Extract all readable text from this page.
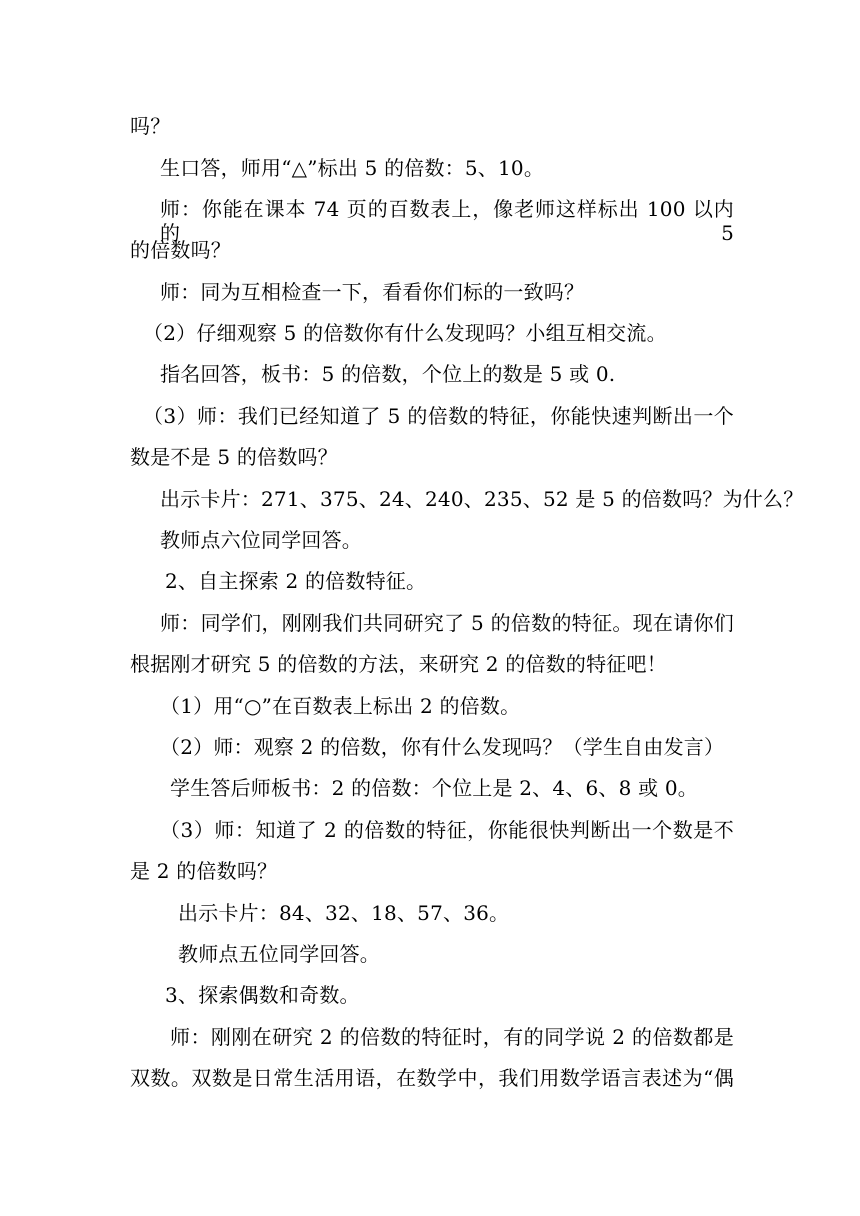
吗？
生口答，师用“△”标出 5 的倍数：5、10。
师：你能在课本 74 页的百数表上，像老师这样标出 100 以内的 5
的倍数吗？
师：同为互相检查一下，看看你们标的一致吗？
（2）仔细观察 5 的倍数你有什么发现吗？小组互相交流。
指名回答，板书：5 的倍数，个位上的数是 5 或 0.
（3）师：我们已经知道了 5 的倍数的特征，你能快速判断出一个
数是不是 5 的倍数吗？
出示卡片：271、375、24、240、235、52 是 5 的倍数吗？为什么？
教师点六位同学回答。
2、自主探索 2 的倍数特征。
师：同学们，刚刚我们共同研究了 5 的倍数的特征。现在请你们
根据刚才研究 5 的倍数的方法，来研究 2 的倍数的特征吧！
（1）用“○”在百数表上标出 2 的倍数。
（2）师：观察 2 的倍数，你有什么发现吗？（学生自由发言）
学生答后师板书：2 的倍数：个位上是 2、4、6、8 或 0。
（3）师：知道了 2 的倍数的特征，你能很快判断出一个数是不
是 2 的倍数吗？
出示卡片：84、32、18、57、36。
教师点五位同学回答。
3、探索偶数和奇数。
师：刚刚在研究 2 的倍数的特征时，有的同学说 2 的倍数都是
双数。双数是日常生活用语，在数学中，我们用数学语言表述为“偶
